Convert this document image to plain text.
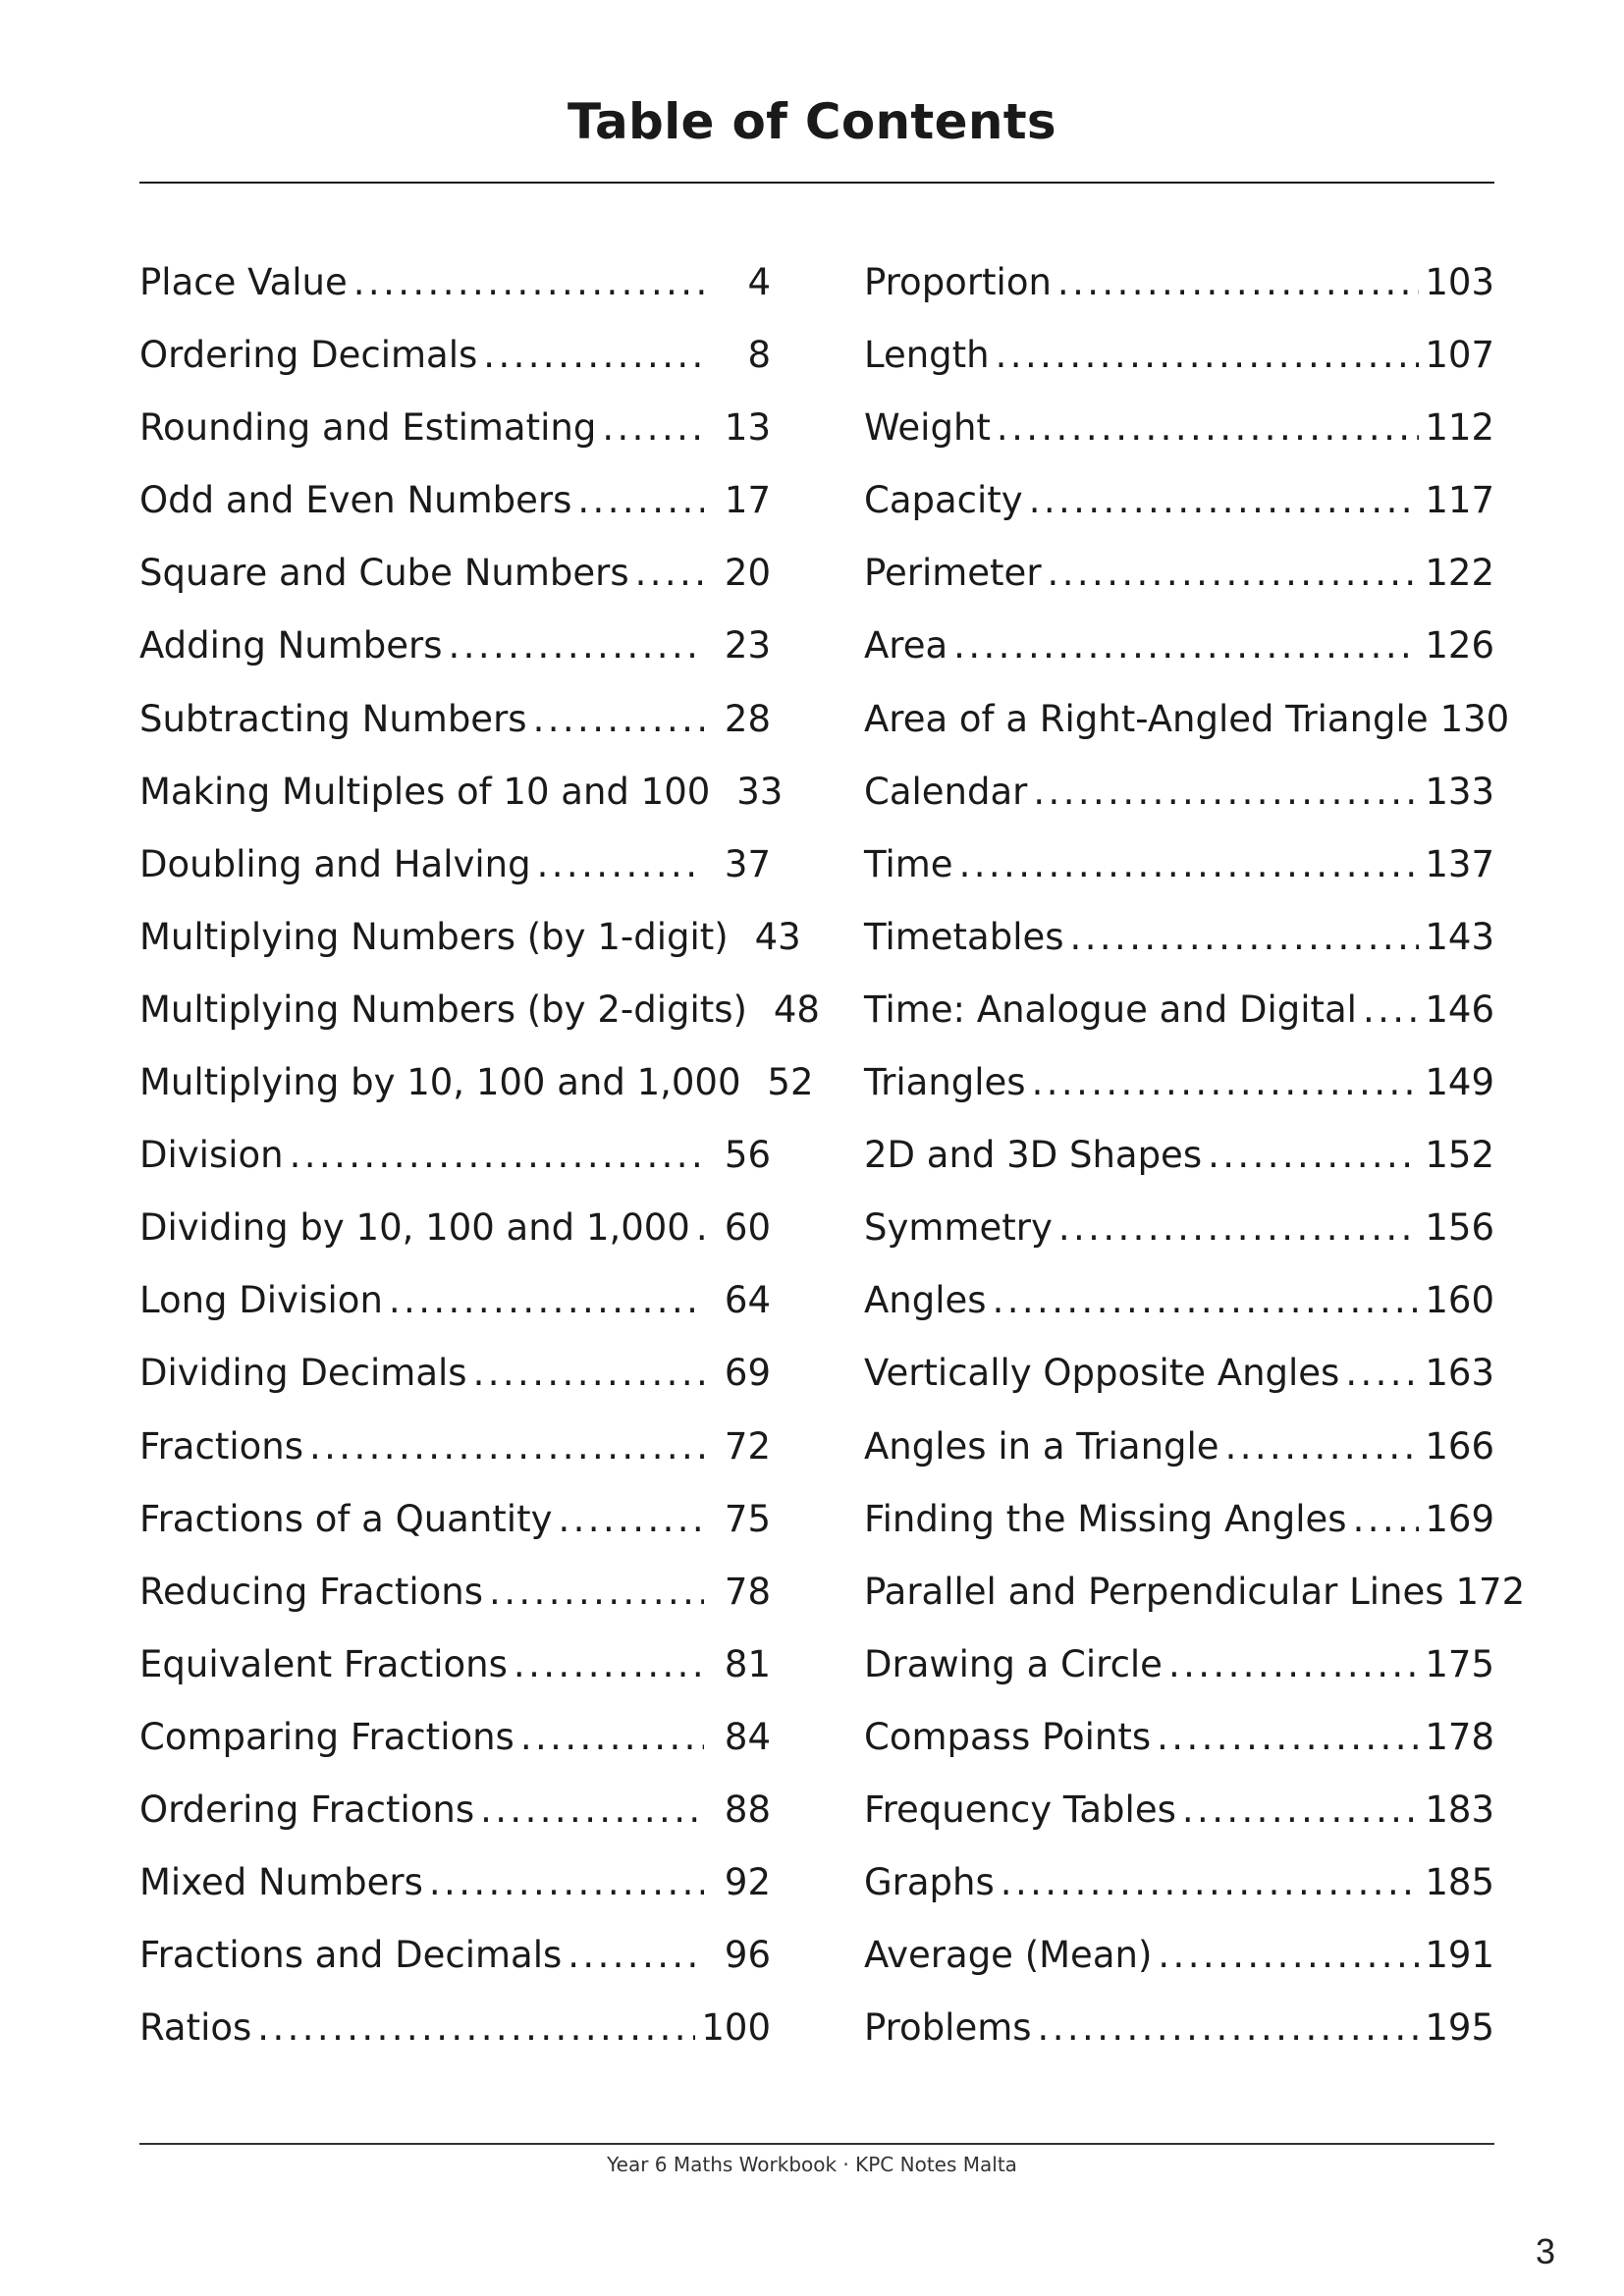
Table of Contents
Place Value .....	4
Ordering Decimals .....	8
Rounding and Estimating .....	13
Odd and Even Numbers .....	17
Square and Cube Numbers .....	20
Adding Numbers .....	23
Subtracting Numbers .....	28
Making Multiples of 10 and 100 33
Doubling and Halving .....	37
Multiplying Numbers (by 1-digit) 43
Multiplying Numbers (by 2-digits) 48
Multiplying by 10, 100 and 1,000 52
Division .....	56
Dividing by 10, 100 and 1,000 ..... 60
Long Division .....	64
Dividing Decimals .....	69
Fractions .....	72
Fractions of a Quantity .....	75
Reducing Fractions .....	78
Equivalent Fractions .....	81
Comparing Fractions .....	84
Ordering Fractions .....	88
Mixed Numbers .....	92
Fractions and Decimals .....	96
Ratios .....	100
Proportion .....	103
Length .....	107
Weight .....	112
Capacity .....	117
Perimeter .....	122
Area .....	126
Area of a Right-Angled Triangle 130
Calendar .....	133
Time .....	137
Timetables .....	143
Time: Analogue and Digital ..... 146
Triangles .....	149
2D and 3D Shapes .....	152
Symmetry .....	156
Angles .....	160
Vertically Opposite Angles ..... 163
Angles in a Triangle .....	166
Finding the Missing Angles ..... 169
Parallel and Perpendicular Lines 172
Drawing a Circle .....	175
Compass Points .....	178
Frequency Tables .....	183
Graphs .....	185
Average (Mean) .....	191
Problems .....	195
Year 6 Maths Workbook · KPC Notes Malta
3
